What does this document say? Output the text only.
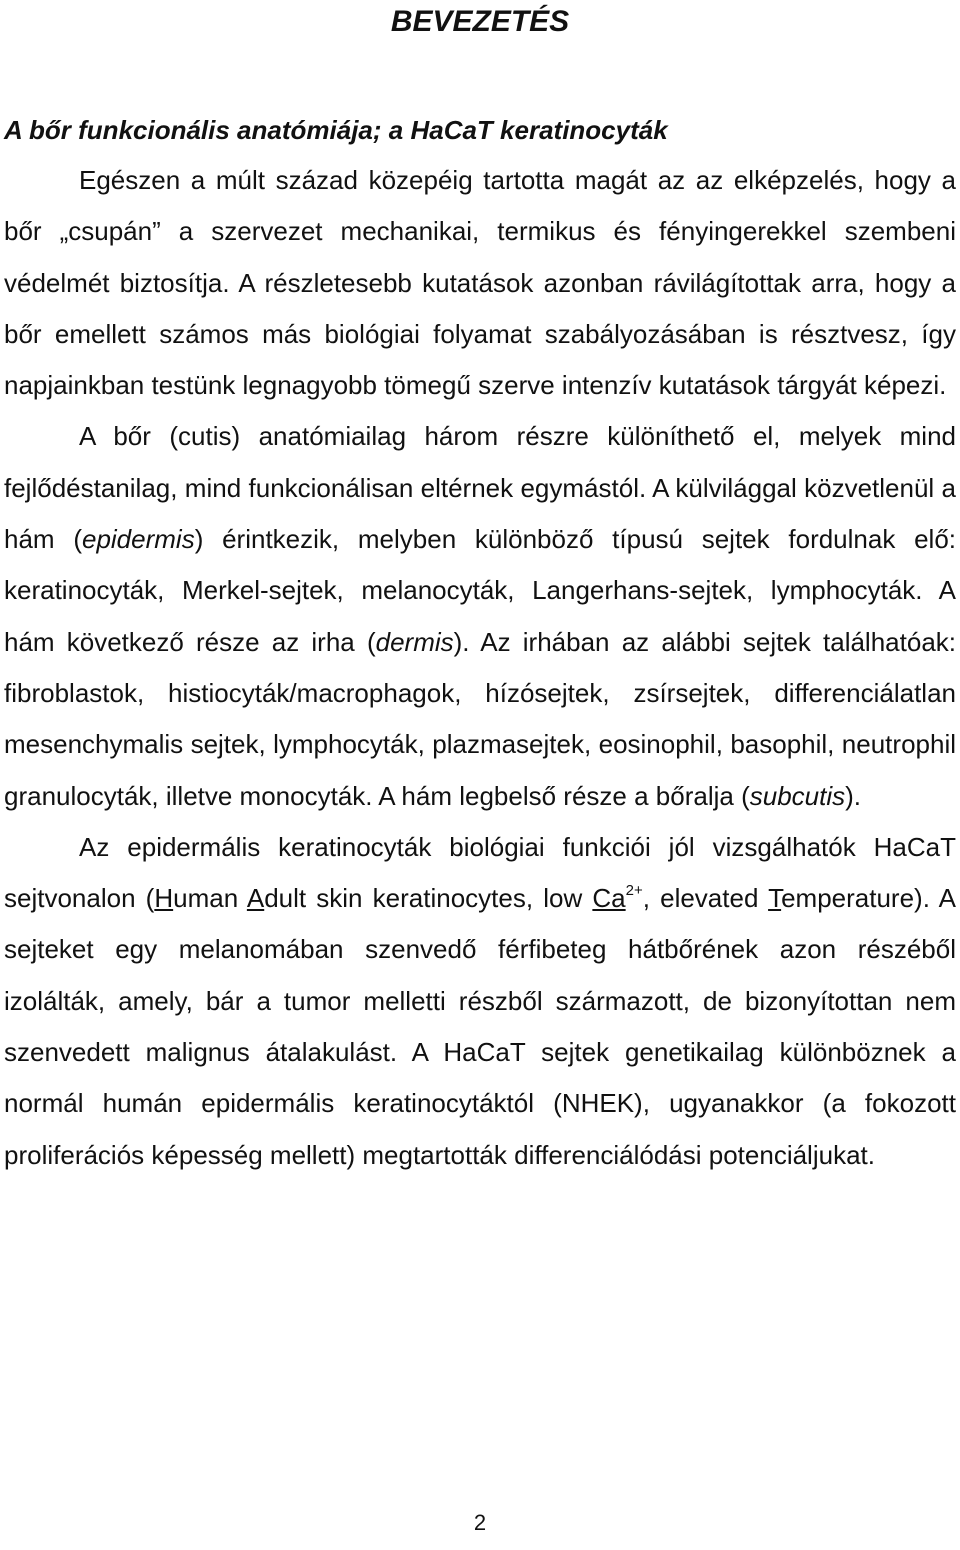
BEVEZETÉS
A bőr funkcionális anatómiája; a HaCaT keratinocyták

Egészen a múlt század közepéig tartotta magát az az elképzelés, hogy a bőr „csupán” a szervezet mechanikai, termikus és fényingerekkel szembeni védelmét biztosítja. A részletesebb kutatások azonban rávilágítottak arra, hogy a bőr emellett számos más biológiai folyamat szabályozásában is résztvesz, így napjainkban testünk legnagyobb tömegű szerve intenzív kutatások tárgyát képezi.

A bőr (cutis) anatómiailag három részre különíthető el, melyek mind fejlődéstanilag, mind funkcionálisan eltérnek egymástól. A külvilággal közvetlenül a hám (epidermis) érintkezik, melyben különböző típusú sejtek fordulnak elő: keratinocyták, Merkel-sejtek, melanocyták, Langerhans-sejtek, lymphocyták. A hám következő része az irha (dermis). Az irhában az alábbi sejtek találhatóak: fibroblastok, histiocyták/macrophagok, hízósejtek, zsírsejtek, differenciálatlan mesenchymalis sejtek, lymphocyták, plazmasejtek, eosinophil, basophil, neutrophil granulocyták, illetve monocyták. A hám legbelső része a bőralja (subcutis).

Az epidermális keratinocyták biológiai funkciói jól vizsgálhatók HaCaT sejtvonalon (Human Adult skin keratinocytes, low $Ca^{2+}$, elevated Temperature). A sejteket egy melanomában szenvedő férfibeteg hátbőrének azon részéből izolálták, amely, bár a tumor melletti részből származott, de bizonyítottan nem szenvedett malignus átalakulást. A HaCaT sejtek genetikailag különböznek a normál humán epidermális keratinocytáktól (NHEK), ugyanakkor (a fokozott proliferációs képesség mellett) megtartották differenciálódási potenciáljukat.

2
